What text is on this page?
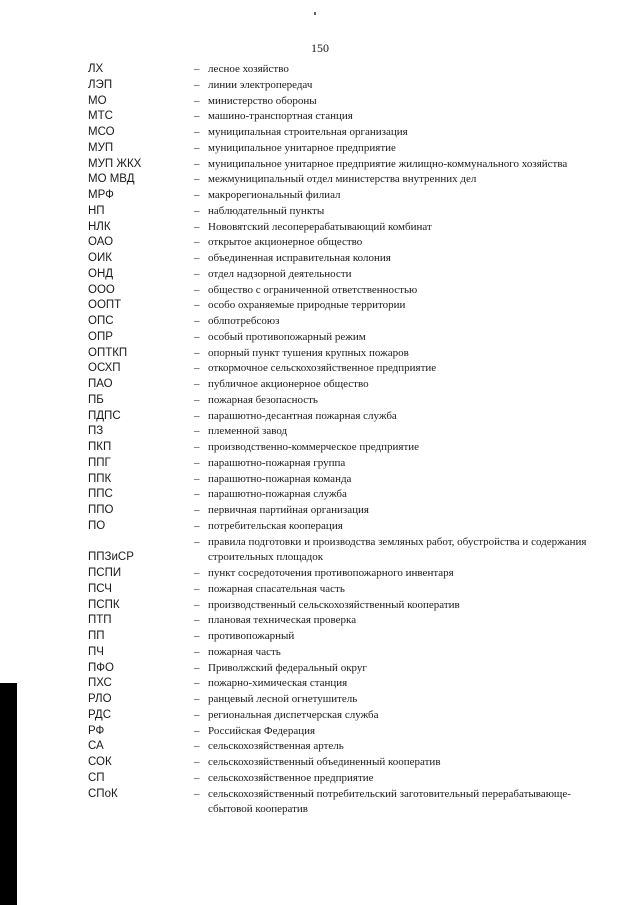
150
ЛХ	– лесное хозяйство
ЛЭП	– линии электропередач
МО	– министерство обороны
МТС	– машино-транспортная станция
МСО	– муниципальная строительная организация
МУП	– муниципальное унитарное предприятие
МУП ЖКХ	– муниципальное унитарное предприятие жилищно-коммунального хозяйства
МО МВД	– межмуниципальный отдел министерства внутренних дел
МРФ	– макрорегиональный филиал
НП	– наблюдательный пункты
НЛК	– Нововятский лесоперерабатывающий комбинат
ОАО	– открытое акционерное общество
ОИК	– объединенная исправительная колония
ОНД	– отдел надзорной деятельности
ООО	– общество с ограниченной ответственностью
ООПТ	– особо охраняемые природные территории
ОПС	– облпотребсоюз
ОПР	– особый противопожарный режим
ОПТКП	– опорный пункт тушения крупных пожаров
ОСХП	– откормочное сельскохозяйственное предприятие
ПАО	– публичное акционерное общество
ПБ	– пожарная безопасность
ПДПС	– парашютно-десантная пожарная служба
ПЗ	– племенной завод
ПКП	– производственно-коммерческое предприятие
ППГ	– парашютно-пожарная группа
ППК	– парашютно-пожарная команда
ППС	– парашютно-пожарная служба
ППО	– первичная партийная организация
ПО	– потребительская кооперация
ППЗиСР
– правила подготовки и производства земляных работ, обустройства и содержания строительных площадок
ПСПИ	– пункт сосредоточения противопожарного инвентаря
ПСЧ	– пожарная спасательная часть
ПСПК	– производственный сельскохозяйственный кооператив
ПТП	– плановая техническая проверка
ПП	– противопожарный
ПЧ	– пожарная часть
ПФО	– Приволжский федеральный округ
ПХС	– пожарно-химическая станция
РЛО	– ранцевый лесной огнетушитель
РДС	– региональная диспетчерская служба
РФ	– Российская Федерация
СА	– сельскохозяйственная артель
СОК	– сельскохозяйственный объединенный кооператив
СП	– сельскохозяйственное предприятие
СПоК	– сельскохозяйственный потребительский заготовительный перерабатывающе-сбытовой кооператив
